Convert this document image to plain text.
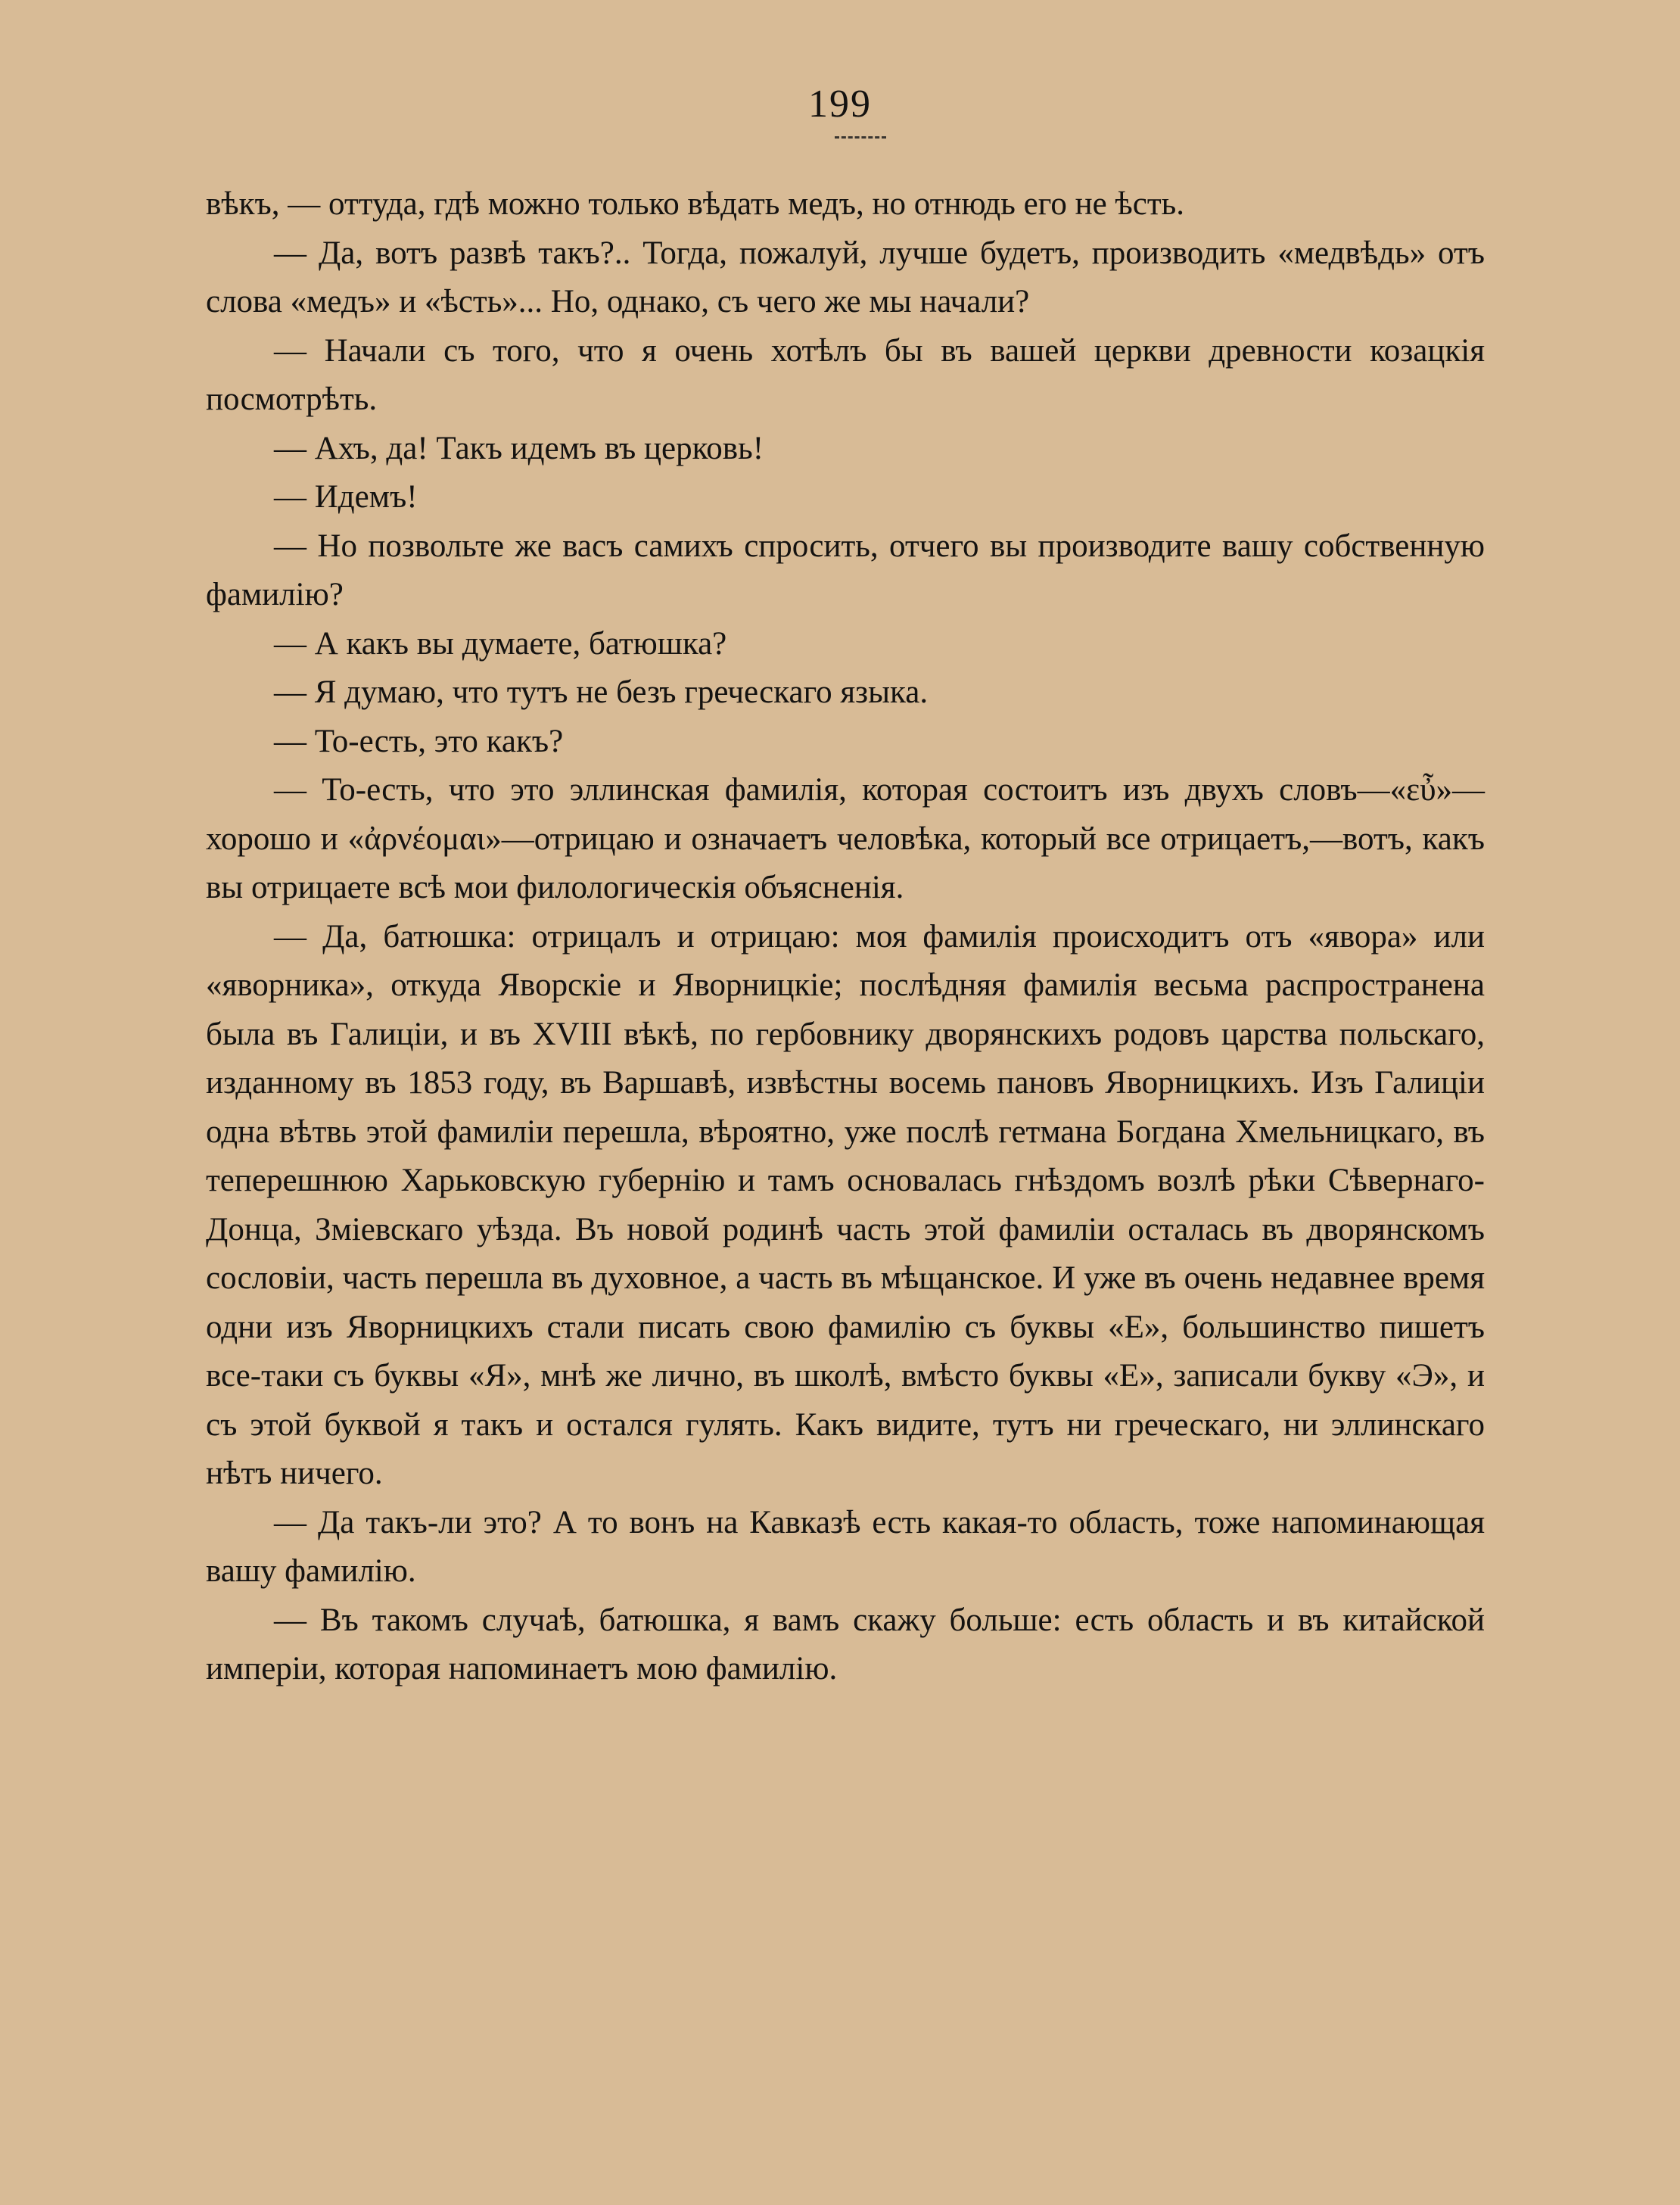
199

вѣкъ, — оттуда, гдѣ можно только вѣдать медъ, но отнюдь его не ѣсть.

— Да, вотъ развѣ такъ?.. Тогда, пожалуй, лучше будетъ, производить «медвѣдь» отъ слова «медъ» и «ѣсть»... Но, однако, съ чего же мы начали?

— Начали съ того, что я очень хотѣлъ бы въ вашей церкви древности козацкія посмотрѣть.

— Ахъ, да! Такъ идемъ въ церковь!

— Идемъ!

— Но позвольте же васъ самихъ спросить, отчего вы производите вашу собственную фамилію?

— А какъ вы думаете, батюшка?

— Я думаю, что тутъ не безъ греческаго языка.

— То-есть, это какъ?

— То-есть, что это эллинская фамилія, которая состоитъ изъ двухъ словъ—«εὖ»—хорошо и «ἀρνέομαι»—отрицаю и означаетъ человѣка, который все отрицаетъ,—вотъ, какъ вы отрицаете всѣ мои филологическія объясненія.

— Да, батюшка: отрицалъ и отрицаю: моя фамилія происходитъ отъ «явора» или «яворника», откуда Яворскіе и Яворницкіе; послѣдняя фамилія весьма распространена была въ Галиціи, и въ XVIII вѣкѣ, по гербовнику дворянскихъ родовъ царства польскаго, изданному въ 1853 году, въ Варшавѣ, извѣстны восемь пановъ Яворницкихъ. Изъ Галиціи одна вѣтвь этой фамиліи перешла, вѣроятно, уже послѣ гетмана Богдана Хмельницкаго, въ теперешнюю Харьковскую губернію и тамъ основалась гнѣздомъ возлѣ рѣки Сѣвернаго-Донца, Зміевскаго уѣзда. Въ новой родинѣ часть этой фамиліи осталась въ дворянскомъ сословіи, часть перешла въ духовное, а часть въ мѣщанское. И уже въ очень недавнее время одни изъ Яворницкихъ стали писать свою фамилію съ буквы «Е», большинство пишетъ все-таки съ буквы «Я», мнѣ же лично, въ школѣ, вмѣсто буквы «Е», записали букву «Э», и съ этой буквой я такъ и остался гулять. Какъ видите, тутъ ни греческаго, ни эллинскаго нѣтъ ничего.

— Да такъ-ли это? А то вонъ на Кавказѣ есть какая-то область, тоже напоминающая вашу фамилію.

— Въ такомъ случаѣ, батюшка, я вамъ скажу больше: есть область и въ китайской имперіи, которая напоминаетъ мою фамилію.
